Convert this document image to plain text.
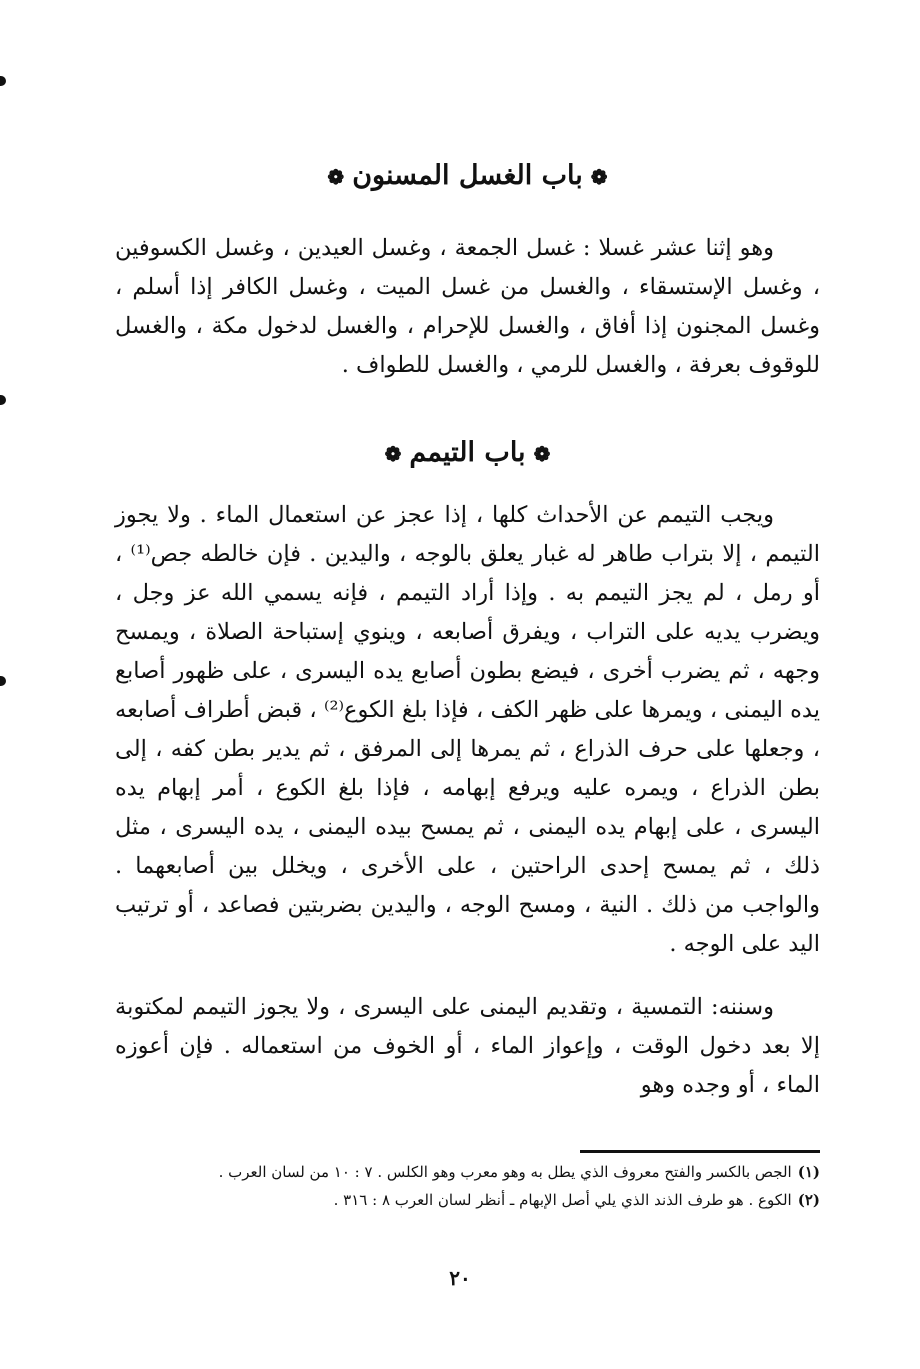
❁باب الغسل المسنون❁

وهو إثنا عشر غسلا : غسل الجمعة ، وغسل العيدين ، وغسل الكسوفين ، وغسل الإستسقاء ، والغسل من غسل الميت ، وغسل الكافر إذا أسلم ، وغسل المجنون إذا أفاق ، والغسل للإحرام ، والغسل لدخول مكة ، والغسل للوقوف بعرفة ، والغسل للرمي ، والغسل للطواف .

❁باب التيمم❁

ويجب التيمم عن الأحداث كلها ، إذا عجز عن استعمال الماء . ولا يجوز التيمم ، إلا بتراب طاهر له غبار يعلق بالوجه ، واليدين . فإن خالطه جص⁽¹⁾ ، أو رمل ، لم يجز التيمم به . وإذا أراد التيمم ، فإنه يسمي الله عز وجل ، ويضرب يديه على التراب ، ويفرق أصابعه ، وينوي إستباحة الصلاة ، ويمسح وجهه ، ثم يضرب أخرى ، فيضع بطون أصابع يده اليسرى ، على ظهور أصابع يده اليمنى ، ويمرها على ظهر الكف ، فإذا بلغ الكوع⁽²⁾ ، قبض أطراف أصابعه ، وجعلها على حرف الذراع ، ثم يمرها إلى المرفق ، ثم يدير بطن كفه ، إلى بطن الذراع ، ويمره عليه ويرفع إبهامه ، فإذا بلغ الكوع ، أمر إبهام يده اليسرى ، على إبهام يده اليمنى ، ثم يمسح بيده اليمنى ، يده اليسرى ، مثل ذلك ، ثم يمسح إحدى الراحتين ، على الأخرى ، ويخلل بين أصابعهما . والواجب من ذلك . النية ، ومسح الوجه ، واليدين بضربتين فصاعد ، أو ترتيب اليد على الوجه .

وسننه: التمسية ، وتقديم اليمنى على اليسرى ، ولا يجوز التيمم لمكتوبة إلا بعد دخول الوقت ، وإعواز الماء ، أو الخوف من استعماله . فإن أعوزه الماء ، أو وجده وهو

(١)الجص بالكسر والفتح معروف الذي يطل به وهو معرب وهو الكلس . ٧ : ١٠ من لسان العرب .

(٢)الكوع . هو طرف الذند الذي يلي أصل الإبهام ـ أنظر لسان العرب ٨ : ٣١٦ .

٢٠
